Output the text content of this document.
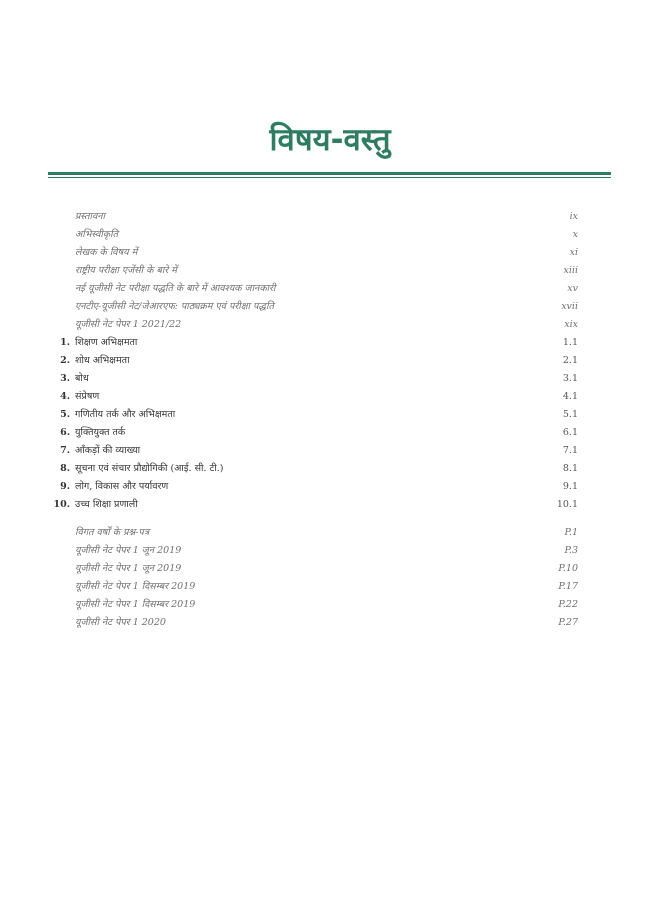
विषय-वस्तु
प्रस्तावना	ix
अभिस्वीकृति	x
लेखक के विषय में	xi
राष्ट्रीय परीक्षा एजेंसी के बारे में	xiii
नई यूजीसी नेट परीक्षा पद्धति के बारे में आवश्यक जानकारी	xv
एनटीए-यूजीसी नेट/जेआरएफ: पाठ्यक्रम एवं परीक्षा पद्धति	xvii
यूजीसी नेट पेपर 1 2021/22	xix
1. शिक्षण अभिक्षमता	1.1
2. शोध अभिक्षमता	2.1
3. बोध	3.1
4. संप्रेषण	4.1
5. गणितीय तर्क और अभिक्षमता	5.1
6. युक्तियुक्त तर्क	6.1
7. आँकड़ों की व्याख्या	7.1
8. सूचना एवं संचार प्रौद्योगिकी (आई. सी. टी.)	8.1
9. लोग, विकास और पर्यावरण	9.1
10. उच्च शिक्षा प्रणाली	10.1
विगत वर्षों के प्रश्न-पत्र	P.1
यूजीसी नेट पेपर 1 जून 2019	P.3
यूजीसी नेट पेपर 1 जून 2019	P.10
यूजीसी नेट पेपर 1 दिसम्बर 2019	P.17
यूजीसी नेट पेपर 1 दिसम्बर 2019	P.22
यूजीसी नेट पेपर 1 2020	P.27
